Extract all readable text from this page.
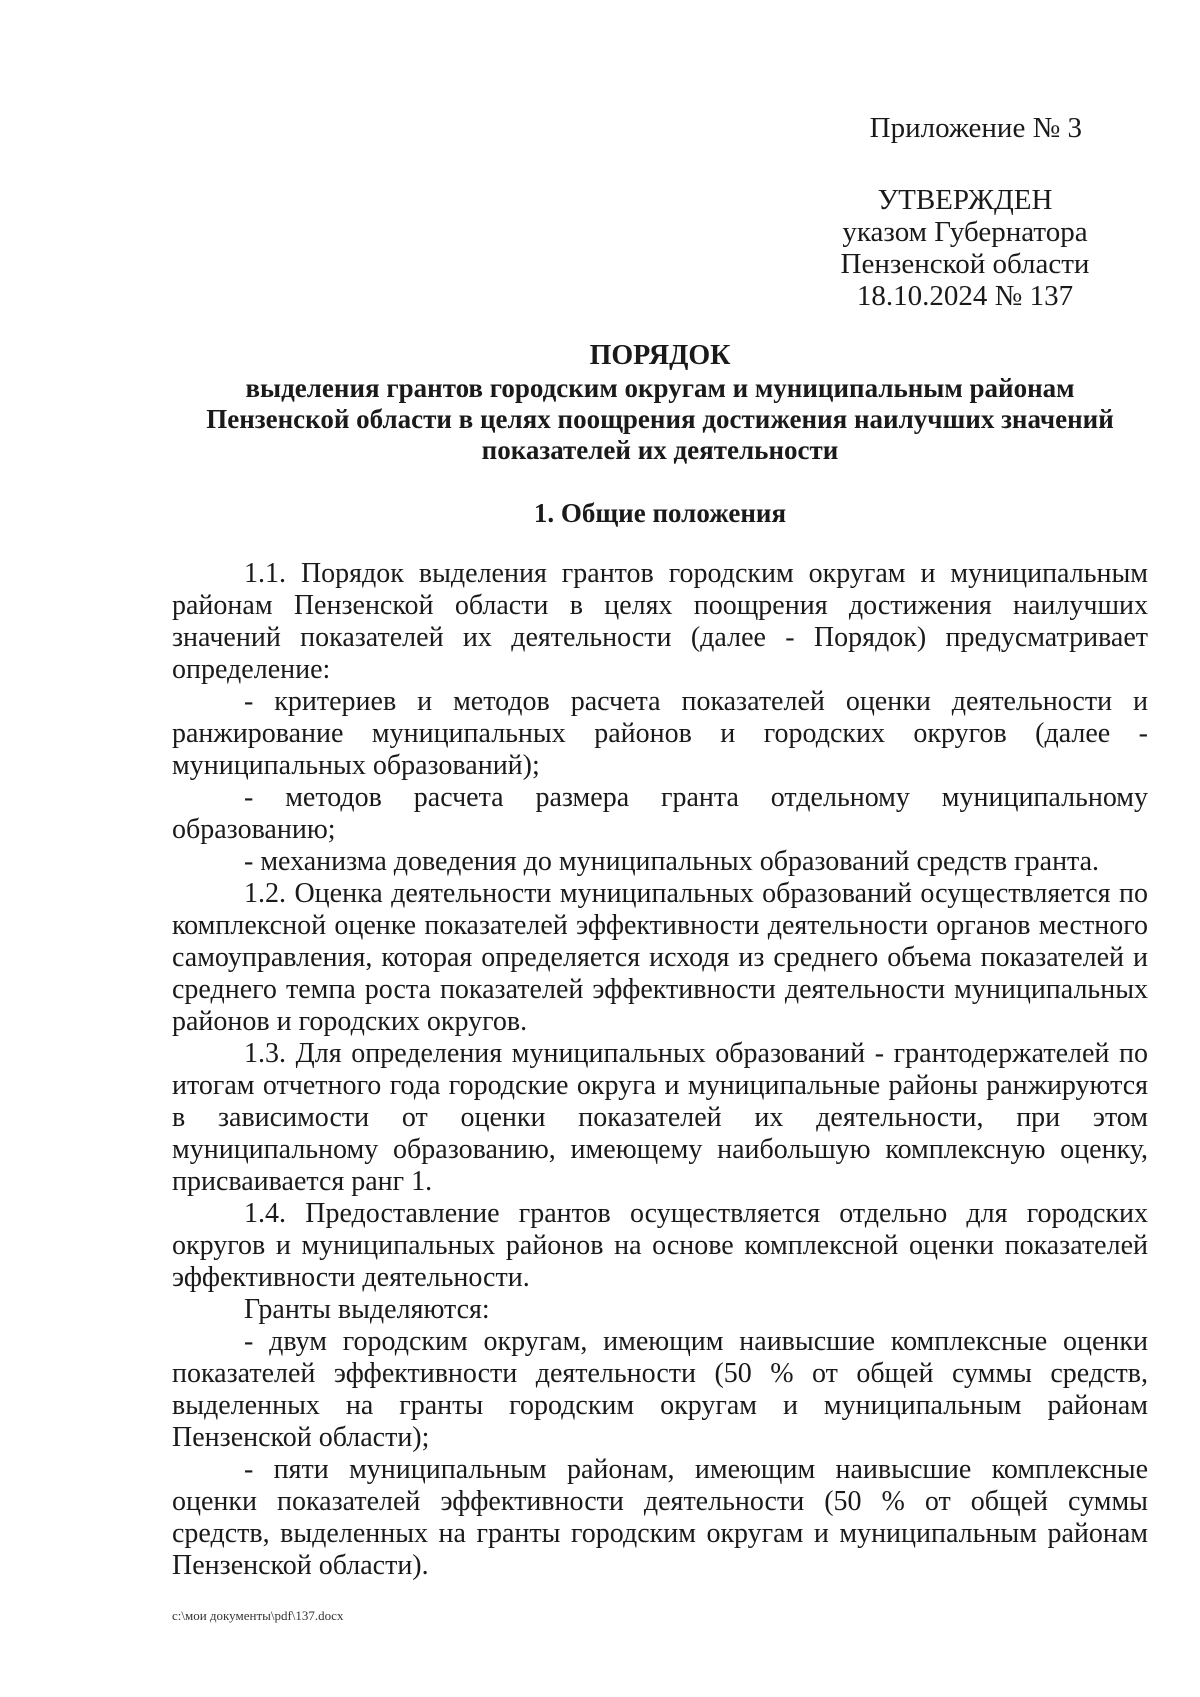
Приложение № 3
УТВЕРЖДЕН
указом Губернатора
Пензенской области
18.10.2024 № 137
ПОРЯДОК
выделения грантов городским округам и муниципальным районам
Пензенской области в целях поощрения достижения наилучших значений
показателей их деятельности
1. Общие положения

1.1. Порядок выделения грантов городским округам и муниципальным районам Пензенской области в целях поощрения достижения наилучших значений показателей их деятельности (далее - Порядок) предусматривает определение:

- критериев и методов расчета показателей оценки деятельности и ранжирование муниципальных районов и городских округов (далее - муниципальных образований);

- методов расчета размера гранта отдельному муниципальному образованию;

- механизма доведения до муниципальных образований средств гранта.

1.2. Оценка деятельности муниципальных образований осуществляется по комплексной оценке показателей эффективности деятельности органов местного самоуправления, которая определяется исходя из среднего объема показателей и среднего темпа роста показателей эффективности деятельности муниципальных районов и городских округов.

1.3. Для определения муниципальных образований - грантодержателей по итогам отчетного года городские округа и муниципальные районы ранжируются в зависимости от оценки показателей их деятельности, при этом муниципальному образованию, имеющему наибольшую комплексную оценку, присваивается ранг 1.

1.4. Предоставление грантов осуществляется отдельно для городских округов и муниципальных районов на основе комплексной оценки показателей эффективности деятельности.

Гранты выделяются:

- двум городским округам, имеющим наивысшие комплексные оценки показателей эффективности деятельности (50 % от общей суммы средств, выделенных на гранты городским округам и муниципальным районам Пензенской области);

- пяти муниципальным районам, имеющим наивысшие комплексные оценки показателей эффективности деятельности (50 % от общей суммы средств, выделенных на гранты городским округам и муниципальным районам Пензенской области).

c:\мои документы\pdf\137.docx
